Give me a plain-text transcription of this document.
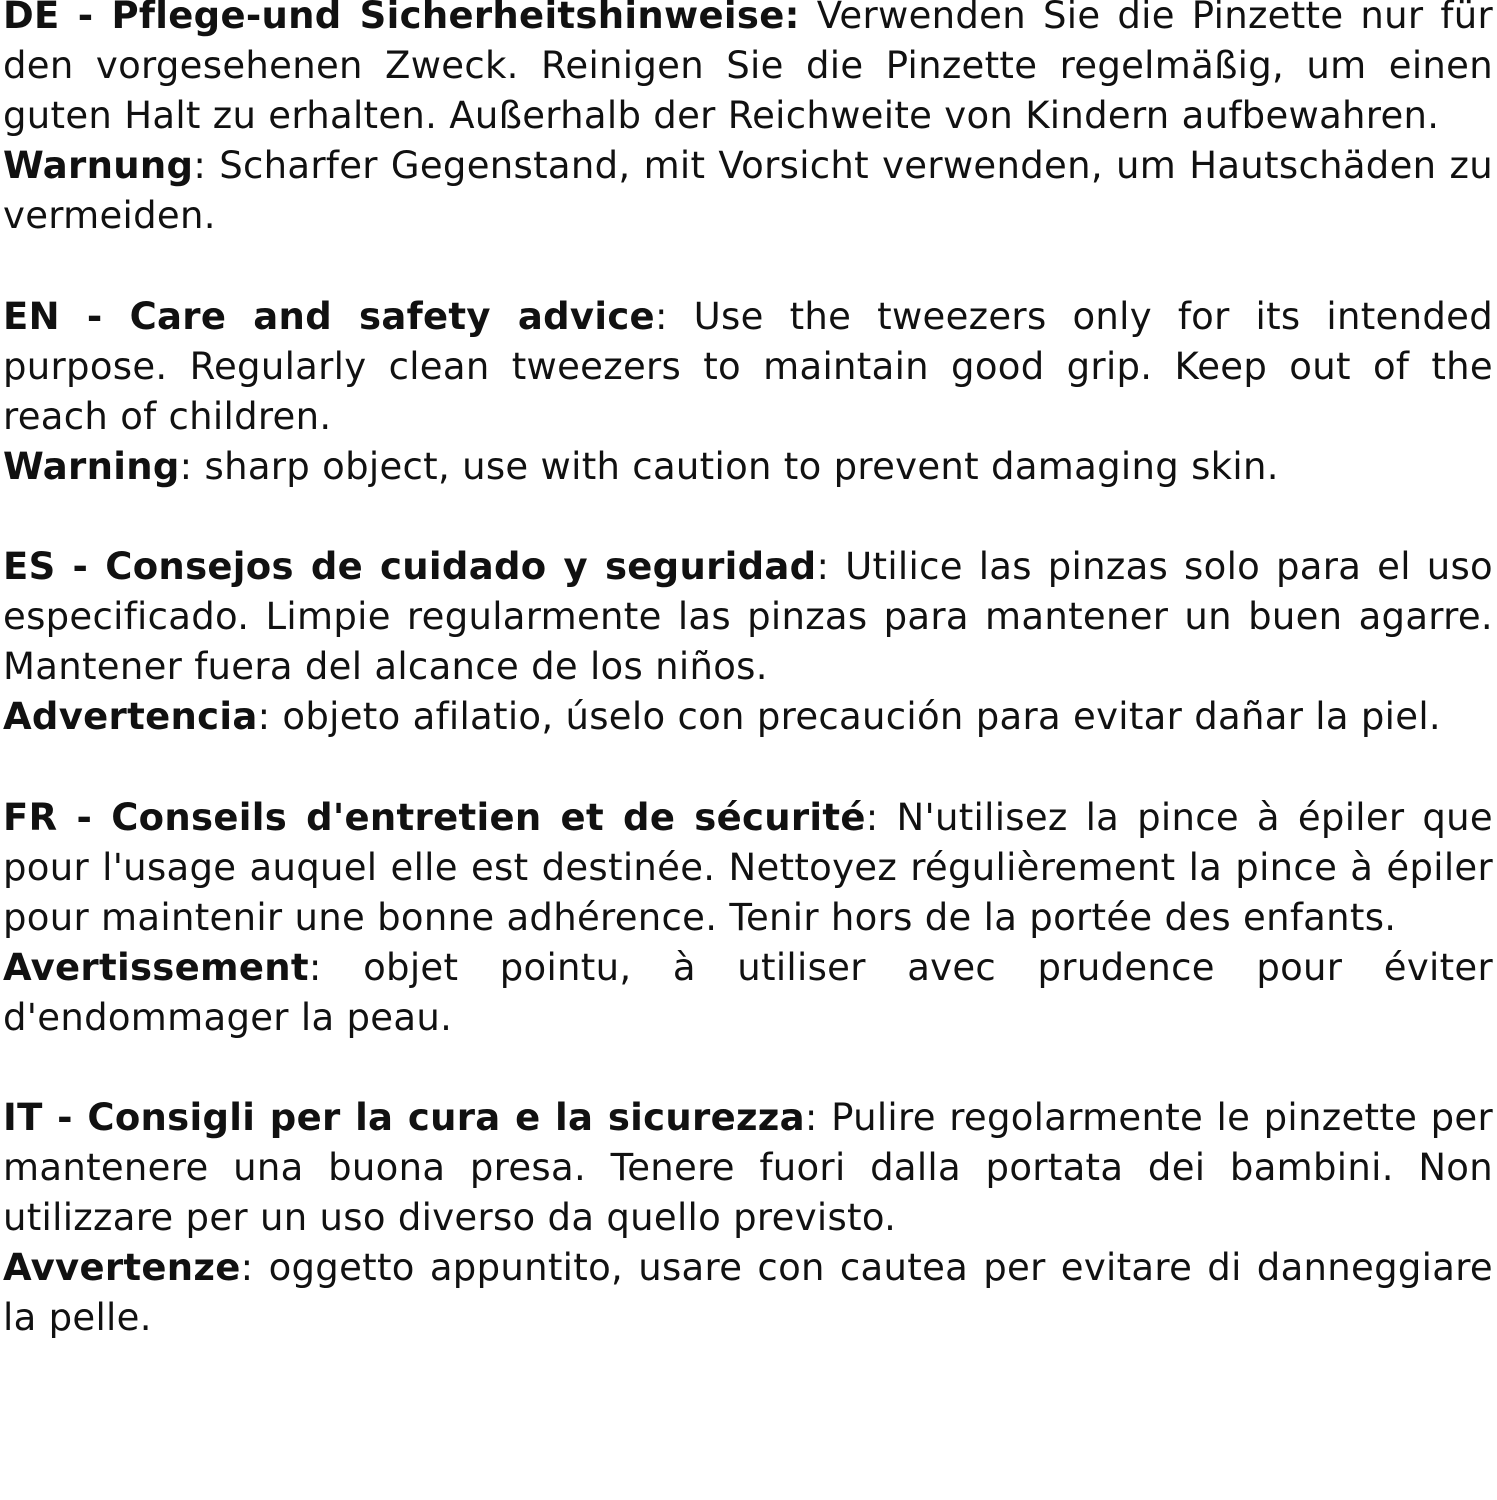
DE - Pflege-und Sicherheitshinweise: Verwenden Sie die Pinzette nur für den vorgesehenen Zweck. Reinigen Sie die Pinzette regelmäßig, um einen guten Halt zu erhalten. Außerhalb der Reichweite von Kindern aufbewahren.

Warnung: Scharfer Gegenstand, mit Vorsicht verwenden, um Hautschäden zu vermeiden.

EN - Care and safety advice: Use the tweezers only for its intended purpose. Regularly clean tweezers to maintain good grip. Keep out of the reach of children.

Warning: sharp object, use with caution to prevent damaging skin.

ES - Consejos de cuidado y seguridad: Utilice las pinzas solo para el uso especificado. Limpie regularmente las pinzas para mantener un buen agarre. Mantener fuera del alcance de los niños.

Advertencia: objeto afilatio, úselo con precaución para evitar dañar la piel.

FR - Conseils d'entretien et de sécurité: N'utilisez la pince à épiler que pour l'usage auquel elle est destinée. Nettoyez régulièrement la pince à épiler pour maintenir une bonne adhérence. Tenir hors de la portée des enfants.

Avertissement: objet pointu, à utiliser avec prudence pour éviter d'endommager la peau.

IT - Consigli per la cura e la sicurezza: Pulire regolarmente le pinzette per mantenere una buona presa. Tenere fuori dalla portata dei bambini. Non utilizzare per un uso diverso da quello previsto.

Avvertenze: oggetto appuntito, usare con cautea per evitare di danneggiare la pelle.
